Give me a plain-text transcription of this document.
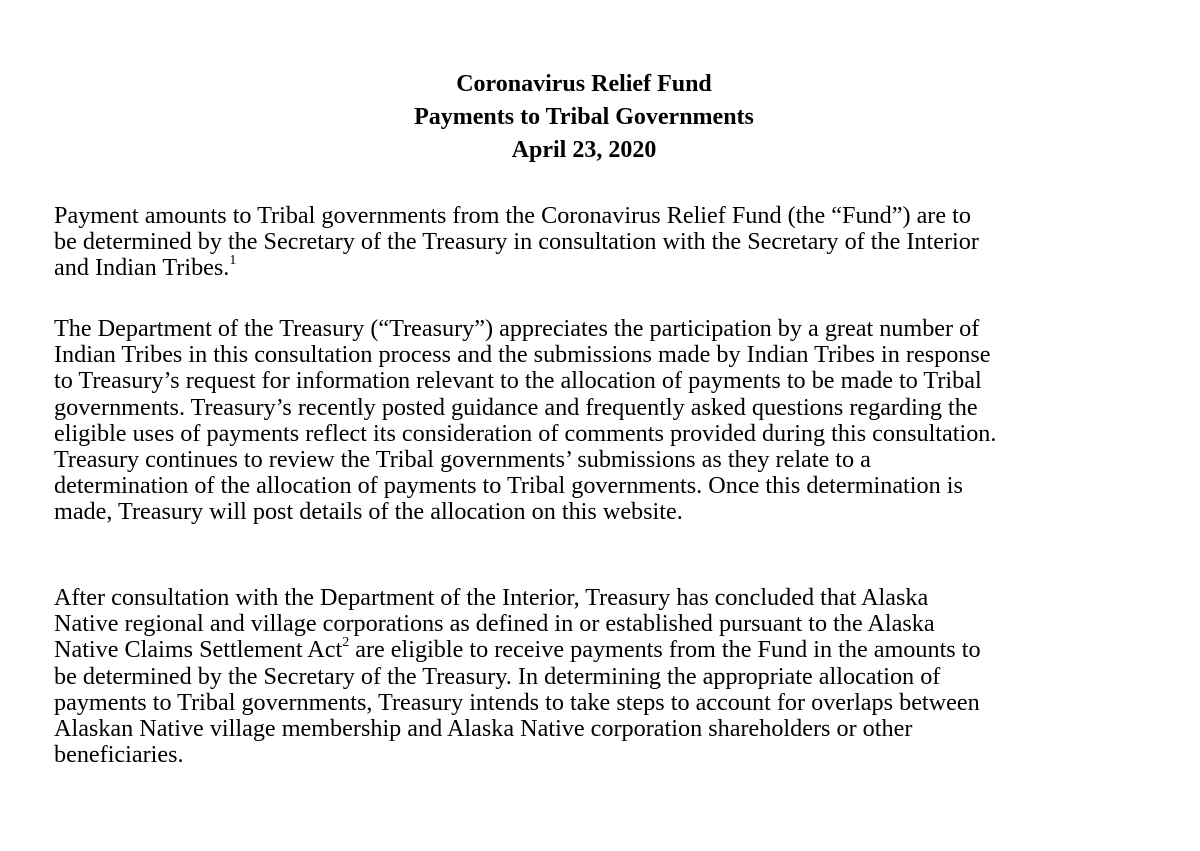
Coronavirus Relief Fund
Payments to Tribal Governments
April 23, 2020

Payment amounts to Tribal governments from the Coronavirus Relief Fund (the “Fund”) are to
be determined by the Secretary of the Treasury in consultation with the Secretary of the Interior
and Indian Tribes.$^1$

The Department of the Treasury (“Treasury”) appreciates the participation by a great number of
Indian Tribes in this consultation process and the submissions made by Indian Tribes in response
to Treasury’s request for information relevant to the allocation of payments to be made to Tribal
governments. Treasury’s recently posted guidance and frequently asked questions regarding the
eligible uses of payments reflect its consideration of comments provided during this consultation.
Treasury continues to review the Tribal governments’ submissions as they relate to a
determination of the allocation of payments to Tribal governments. Once this determination is
made, Treasury will post details of the allocation on this website.

After consultation with the Department of the Interior, Treasury has concluded that Alaska
Native regional and village corporations as defined in or established pursuant to the Alaska
Native Claims Settlement Act$^2$ are eligible to receive payments from the Fund in the amounts to
be determined by the Secretary of the Treasury. In determining the appropriate allocation of
payments to Tribal governments, Treasury intends to take steps to account for overlaps between
Alaskan Native village membership and Alaska Native corporation shareholders or other
beneficiaries.
